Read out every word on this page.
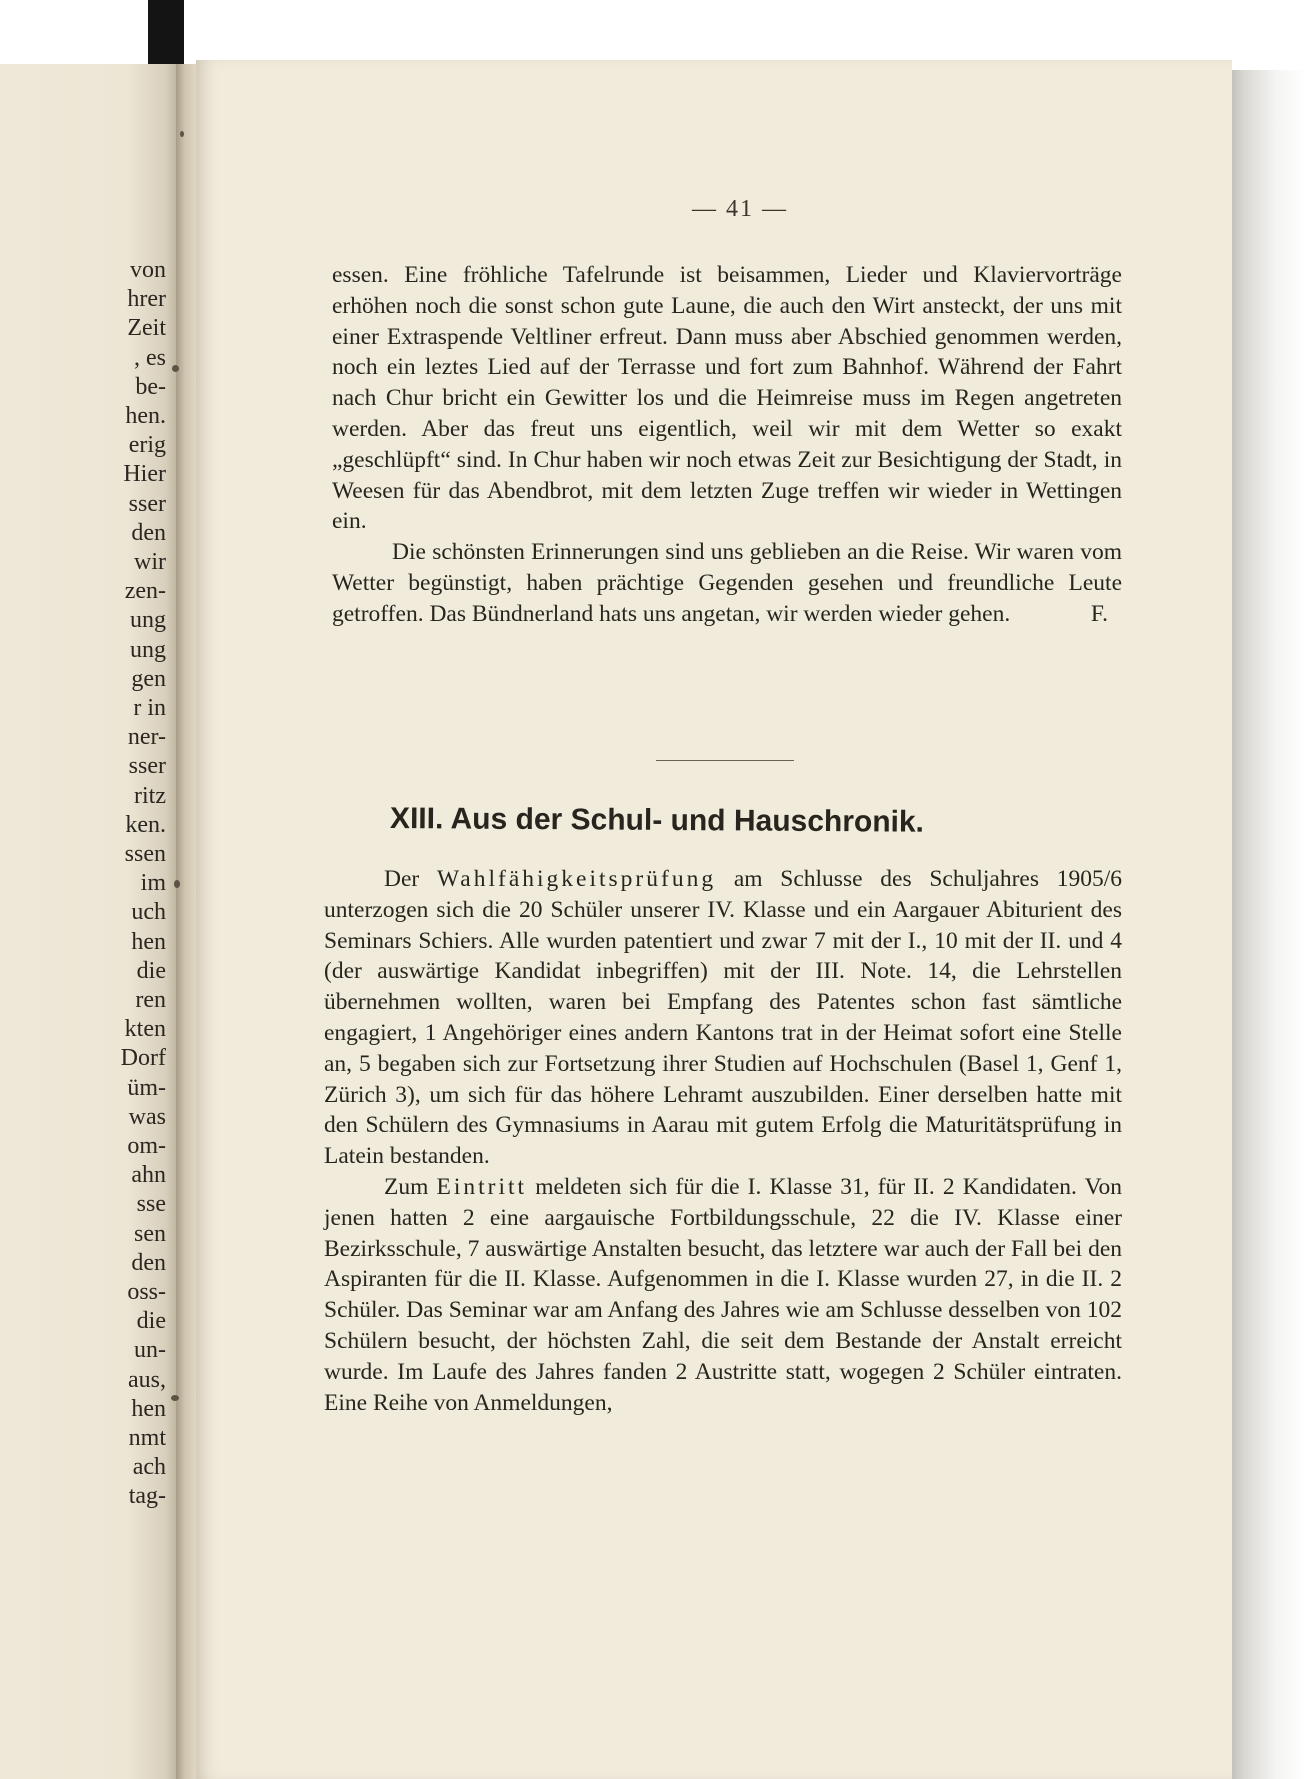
von
hrer
Zeit
, es
be-
hen.
erig
Hier
sser
den
wir
zen-
ung
ung
gen
r in
ner-
sser
ritz
ken.
ssen
im
uch
hen
die
ren
kten
Dorf
üm-
was
om-
ahn
sse
sen
den
oss-
die
un-
aus,
hen
nmt
ach
tag-
— 41 —

essen. Eine fröhliche Tafelrunde ist beisammen, Lieder und Klaviervorträge erhöhen noch die sonst schon gute Laune, die auch den Wirt ansteckt, der uns mit einer Extraspende Veltliner erfreut. Dann muss aber Abschied genommen werden, noch ein leztes Lied auf der Terrasse und fort zum Bahnhof. Während der Fahrt nach Chur bricht ein Gewitter los und die Heimreise muss im Regen angetreten werden. Aber das freut uns eigentlich, weil wir mit dem Wetter so exakt „geschlüpft“ sind. In Chur haben wir noch etwas Zeit zur Besichtigung der Stadt, in Weesen für das Abendbrot, mit dem letzten Zuge treffen wir wieder in Wettingen ein.

Die schönsten Erinnerungen sind uns geblieben an die Reise. Wir waren vom Wetter begünstigt, haben prächtige Gegenden gesehen und freundliche Leute getroffen. Das Bündnerland hats uns angetan, wir werden wieder gehen.	F.

XIII. Aus der Schul- und Hauschronik.

Der Wahlfähigkeitsprüfung am Schlusse des Schuljahres 1905/6 unterzogen sich die 20 Schüler unserer IV. Klasse und ein Aargauer Abiturient des Seminars Schiers. Alle wurden patentiert und zwar 7 mit der I., 10 mit der II. und 4 (der auswärtige Kandidat inbegriffen) mit der III. Note. 14, die Lehrstellen übernehmen wollten, waren bei Empfang des Patentes schon fast sämtliche engagiert, 1 Angehöriger eines andern Kantons trat in der Heimat sofort eine Stelle an, 5 begaben sich zur Fortsetzung ihrer Studien auf Hochschulen (Basel 1, Genf 1, Zürich 3), um sich für das höhere Lehramt auszubilden. Einer derselben hatte mit den Schülern des Gymnasiums in Aarau mit gutem Erfolg die Maturitätsprüfung in Latein bestanden.

Zum Eintritt meldeten sich für die I. Klasse 31, für II. 2 Kandidaten. Von jenen hatten 2 eine aargauische Fortbildungsschule, 22 die IV. Klasse einer Bezirksschule, 7 auswärtige Anstalten besucht, das letztere war auch der Fall bei den Aspiranten für die II. Klasse. Aufgenommen in die I. Klasse wurden 27, in die II. 2 Schüler. Das Seminar war am Anfang des Jahres wie am Schlusse desselben von 102 Schülern besucht, der höchsten Zahl, die seit dem Bestande der Anstalt erreicht wurde. Im Laufe des Jahres fanden 2 Austritte statt, wogegen 2 Schüler eintraten. Eine Reihe von Anmeldungen,
